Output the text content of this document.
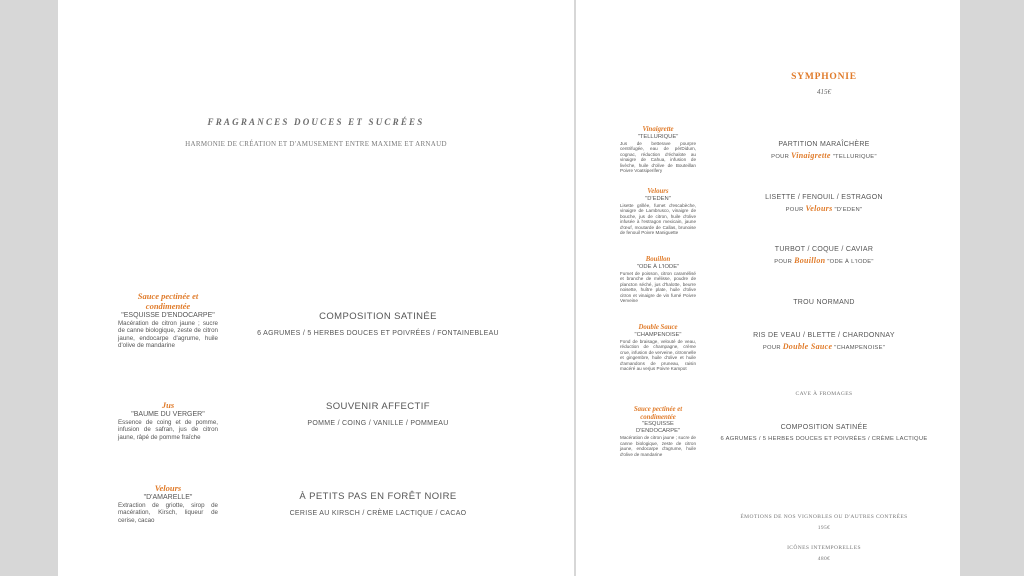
FRAGRANCES DOUCES ET SUCRÉES
HARMONIE DE CRÉATION ET D'AMUSEMENT ENTRE MAXIME ET ARNAUD
Sauce pectinée et condimentée
"ESQUISSE D'ENDOCARPE"
Macération de citron jaune ; sucre de canne biologique, zeste de citron jaune, endocarpe d'agrume, huile d'olive de mandarine
Jus
"BAUME DU VERGER"
Essence de coing et de pomme, infusion de safran, jus de citron jaune, râpé de pomme fraîche
Velours
"D'AMARELLE"
Extraction de griotte, sirop de macération, Kirsch, liqueur de cerise, cacao
COMPOSITION SATINÉE
6 AGRUMES / 5 HERBES DOUCES ET POIVRÉES / FONTAINEBLEAU
SOUVENIR AFFECTIF
POMME / COING / VANILLE / POMMEAU
À PETITS PAS EN FORÊT NOIRE
CERISE AU KIRSCH / CRÈME LACTIQUE / CACAO
Vinaigrette
"TELLURIQUE"
Jus de betterave pourpre centrifugée, eau de pérDidum, cognac, réduction d'échalote au vinaigre de Cahua, infusion de livèche, huile d'olive de Bouteillan Poivre Voatsiperifery
Velours
"D'EDEN"
Lisette grillée, fumet d'escabèche, vinaigre de Lambrusco, vinaigre de bouche, jus de citron, huile d'olive infusée à l'estragon mexicain, jaune d'œuf, moutarde de Callas, brunoise de fenouil Poivre Maniguette
Bouillon
"ODE À L'IODE"
Fumet de poisson, citron caramélisé et branche de mélisse, poudre de plancton séché, jus d'halotte, beurre noisette, huître plate, huile d'olive citron et vinaigre de vin fumé Poivre Verveine
Double Sauce
"CHAMPENOISE"
Fond de braisage, velouté de veau, réduction de champagne, crème crue, infusion de verveine, citronnelle et gingembre, huile d'olive et huile d'amandons de pruneau, raisin macéré au verjus Poivre Kampot
Sauce pectinée et condimentée
"ESQUISSE D'ENDOCARPE"
Macération de citron jaune ; sucre de canne biologique, zeste de citron jaune, endocarpe d'agrume, huile d'olive de mandarine
SYMPHONIE
415€
PARTITION MARAÎCHÈRE
POUR Vinaigrette "TELLURIQUE"
LISETTE / FENOUIL / ESTRAGON
POUR Velours "D'EDEN"
TURBOT / COQUE / CAVIAR
POUR Bouillon "ODE À L'IODE"
TROU NORMAND
RIS DE VEAU / BLETTE / CHARDONNAY
POUR Double Sauce "CHAMPENOISE"
CAVE À FROMAGES
COMPOSITION SATINÉE
6 AGRUMES / 5 HERBES DOUCES ET POIVRÉES / CRÈME LACTIQUE
ÉMOTIONS DE NOS VIGNOBLES OU D'AUTRES CONTRÉES
195€
ICÔNES INTEMPORELLES
480€
